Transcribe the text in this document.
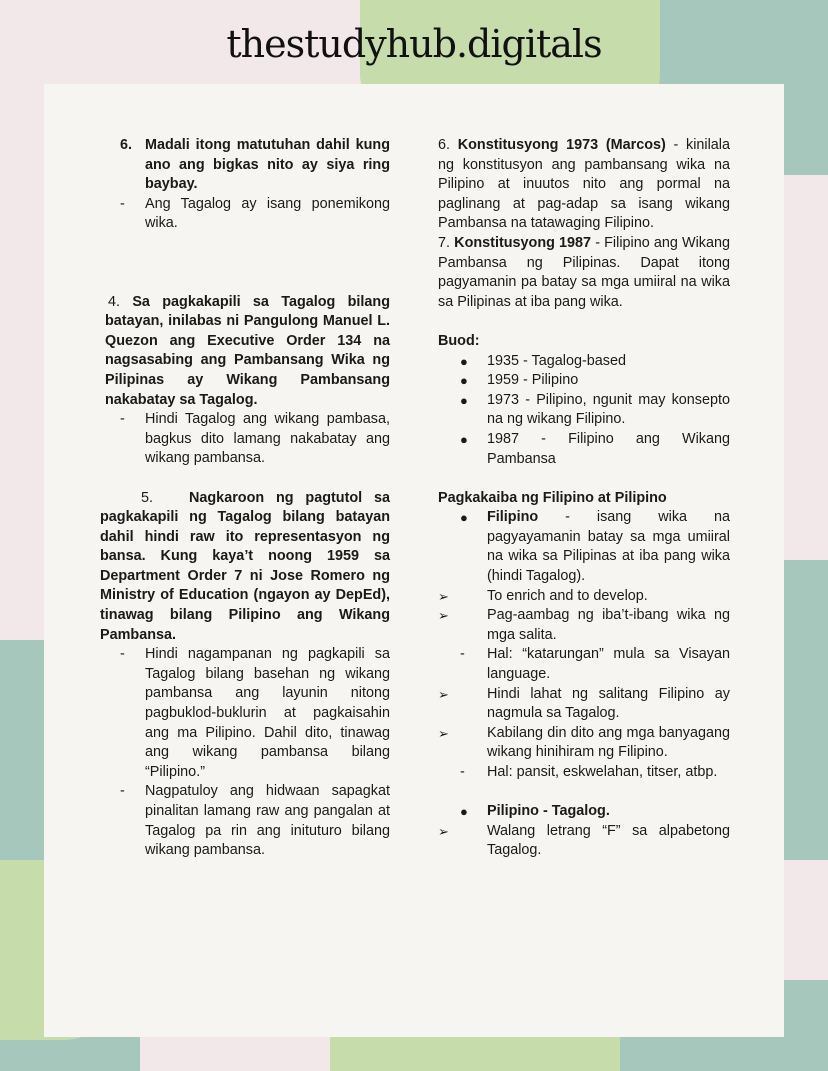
thestudyhub.digitals
6. Madali itong matutuhan dahil kung ano ang bigkas nito ay siya ring baybay.
- Ang Tagalog ay isang ponemikong wika.

4. Sa pagkakapili sa Tagalog bilang batayan, inilabas ni Pangulong Manuel L. Quezon ang Executive Order 134 na nagsasabing ang Pambansang Wika ng Pilipinas ay Wikang Pambansang nakabatay sa Tagalog.

- Hindi Tagalog ang wikang pambasa, bagkus dito lamang nakabatay ang wikang pambansa.

5. Nagkaroon ng pagtutol sa pagkakapili ng Tagalog bilang batayan dahil hindi raw ito representasyon ng bansa. Kung kaya’t noong 1959 sa Department Order 7 ni Jose Romero ng Ministry of Education (ngayon ay DepEd), tinawag bilang Pilipino ang Wikang Pambansa.

- Hindi nagampanan ng pagkapili sa Tagalog bilang basehan ng wikang pambansa ang layunin nitong pagbuklod-buklurin at pagkaisahin ang ma Pilipino. Dahil dito, tinawag ang wikang pambansa bilang “Pilipino.”
- Nagpatuloy ang hidwaan sapagkat pinalitan lamang raw ang pangalan at Tagalog pa rin ang inituturo bilang wikang pambansa.

6. Konstitusyong 1973 (Marcos) - kinilala ng konstitusyon ang pambansang wika na Pilipino at inuutos nito ang pormal na paglinang at pag-adap sa isang wikang Pambansa na tatawaging Filipino.

7. Konstitusyong 1987 - Filipino ang Wikang Pambansa ng Pilipinas. Dapat itong pagyamanin pa batay sa mga umiiral na wika sa Pilipinas at iba pang wika.

Buod:
● 1935 - Tagalog-based
● 1959 - Pilipino
● 1973 - Pilipino, ngunit may konsepto na ng wikang Filipino.
● 1987 - Filipino ang Wikang Pambansa
Pagkakaiba ng Filipino at Pilipino
● Filipino - isang wika na pagyayamanin batay sa mga umiiral na wika sa Pilipinas at iba pang wika (hindi Tagalog).
➢	To enrich and to develop.
➢	Pag-aambag ng iba’t-ibang wika ng mga salita.
- Hal: “katarungan” mula sa Visayan language.
➢	Hindi lahat ng salitang Filipino ay nagmula sa Tagalog.
➢	Kabilang din dito ang mga banyagang wikang hinihiram ng Filipino.
- Hal: pansit, eskwelahan, titser, atbp.
● Pilipino - Tagalog.
➢	Walang letrang “F” sa alpabetong Tagalog.
